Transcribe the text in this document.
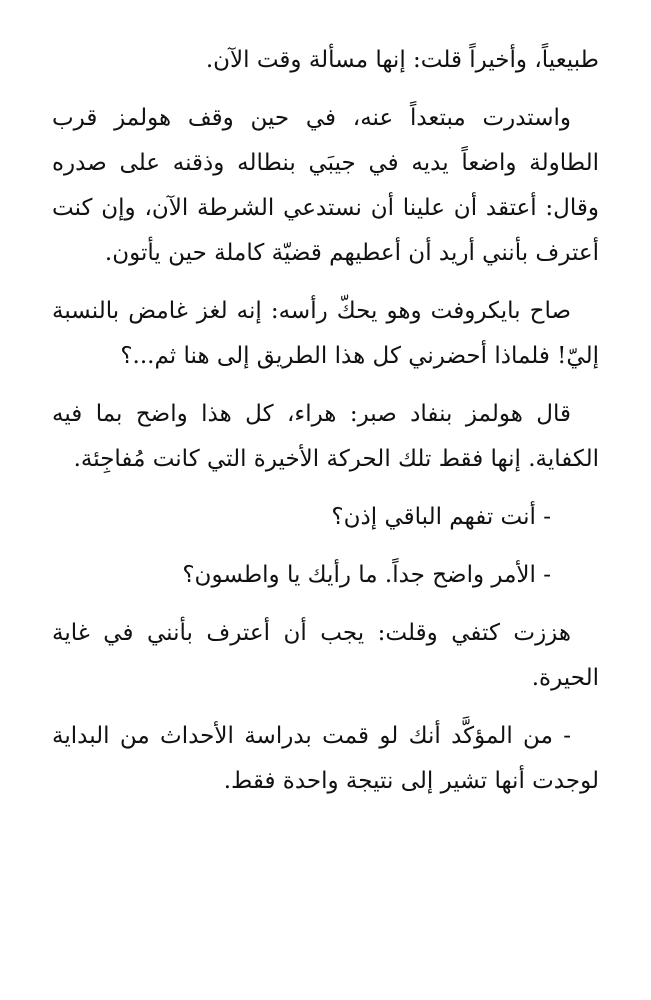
طبيعياً، وأخيراً قلت: إنها مسألة وقت الآن.

واستدرت مبتعداً عنه، في حين وقف هولمز قرب الطاولة واضعاً يديه في جيبَي بنطاله وذقنه على صدره وقال: أعتقد أن علينا أن نستدعي الشرطة الآن، وإن كنت أعترف بأنني أريد أن أعطيهم قضيّة كاملة حين يأتون.

صاح بايكروفت وهو يحكّ رأسه: إنه لغز غامض بالنسبة إليّ! فلماذا أحضرني كل هذا الطريق إلى هنا ثم...؟

قال هولمز بنفاد صبر: هراء، كل هذا واضح بما فيه الكفاية. إنها فقط تلك الحركة الأخيرة التي كانت مُفاجِئة.

- أنت تفهم الباقي إذن؟

- الأمر واضح جداً. ما رأيك يا واطسون؟

هززت كتفي وقلت: يجب أن أعترف بأنني في غاية الحيرة.

- من المؤكَّد أنك لو قمت بدراسة الأحداث من البداية لوجدت أنها تشير إلى نتيجة واحدة فقط.
